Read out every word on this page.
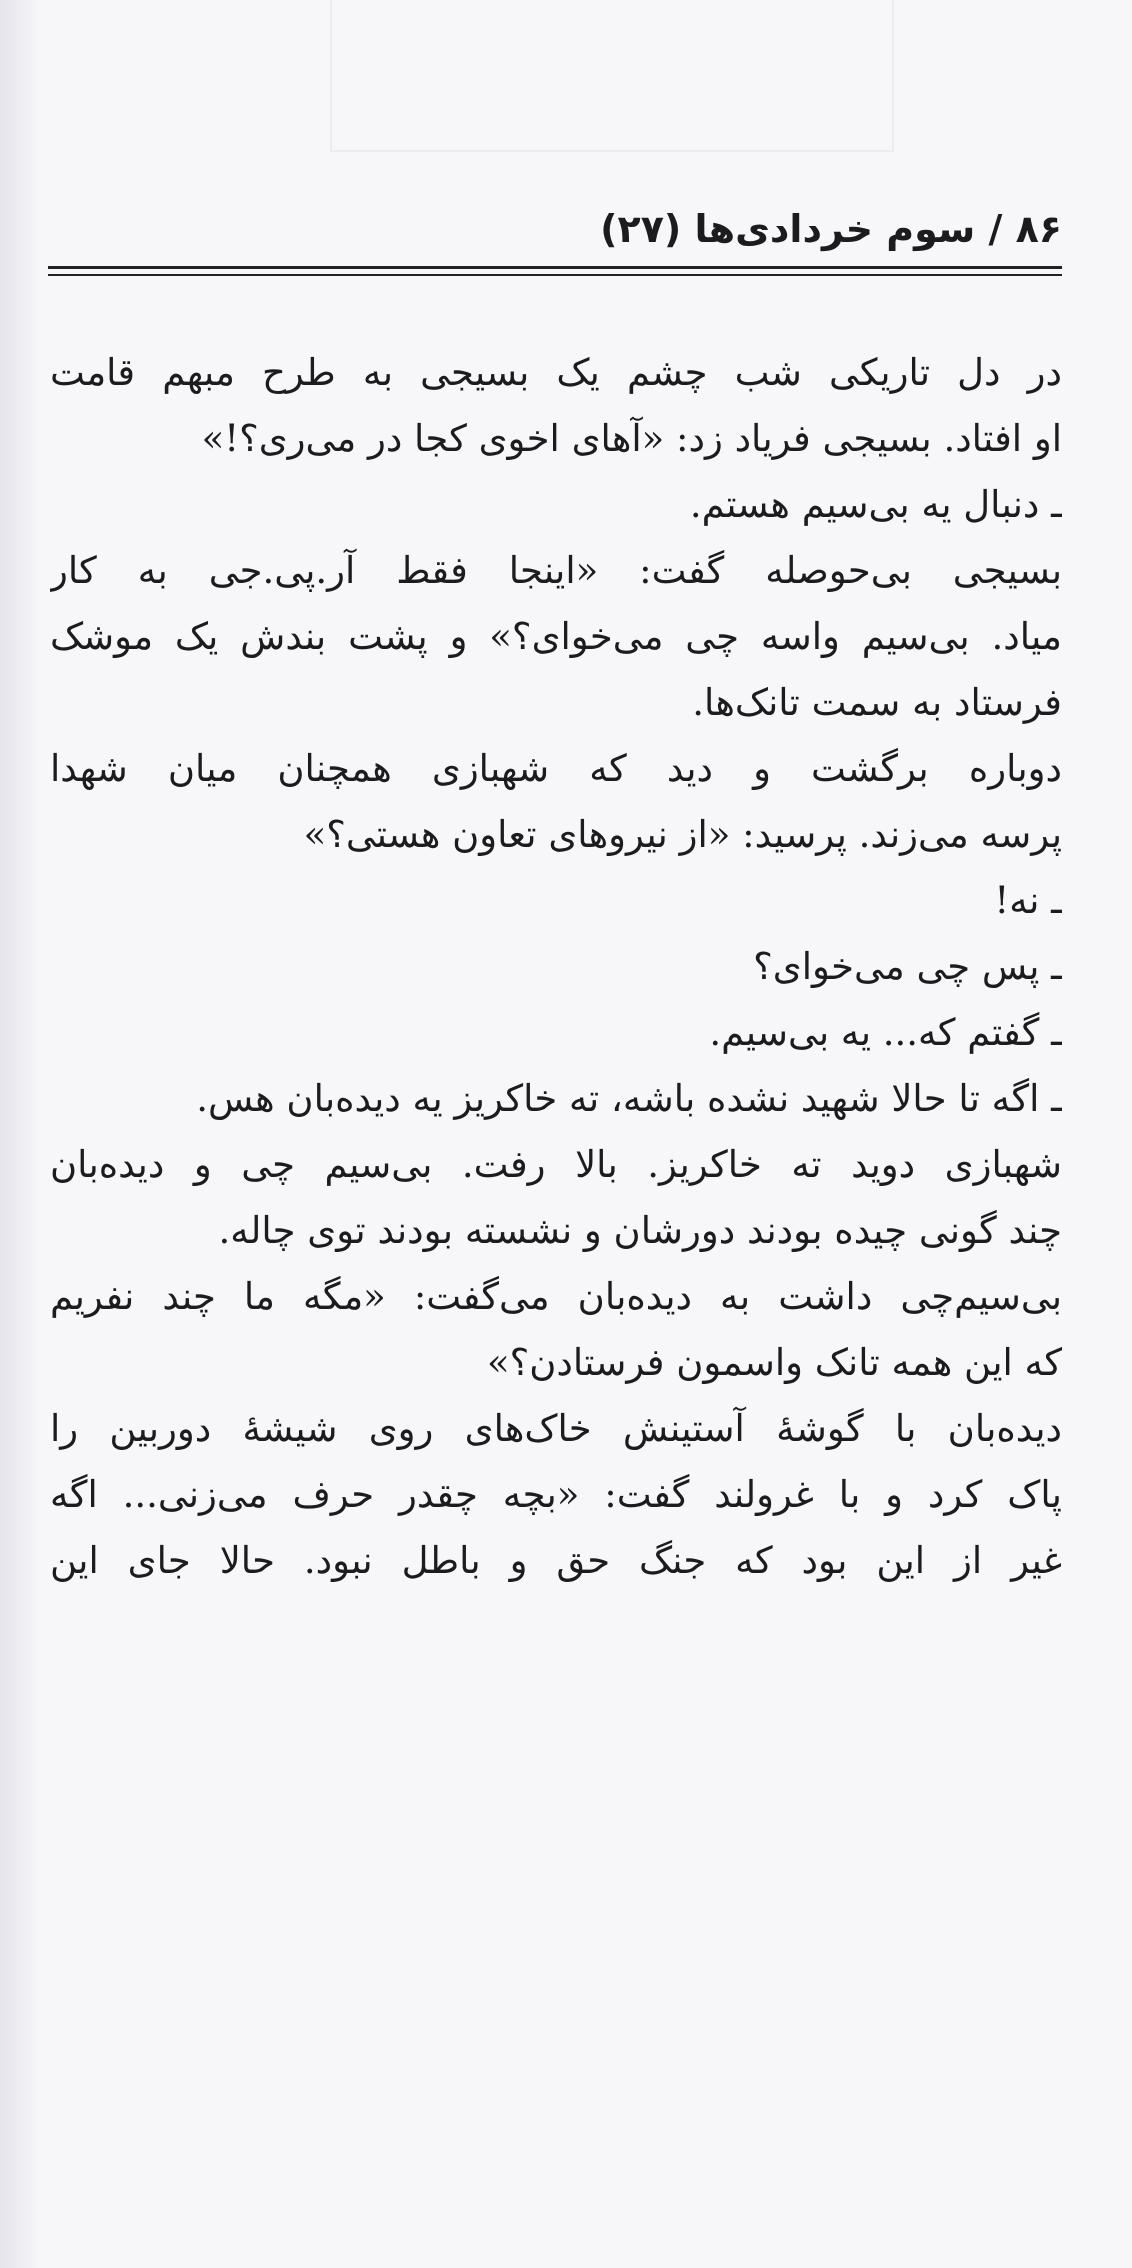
۸۶ / سوم خردادی‌ها (۲۷)
در دل تاریکی شب چشم یک بسیجی به طرح مبهم قامت
او افتاد. بسیجی فریاد زد: «آهای اخوی کجا در می‌ری؟!»
ـ دنبال یه بی‌سیم هستم.
بسیجی بی‌حوصله گفت: «اینجا فقط آر.پی.جی به کار
میاد. بی‌سیم واسه چی می‌خوای؟» و پشت بندش یک موشک
فرستاد به سمت تانک‌ها.
دوباره برگشت و دید که شهبازی همچنان میان شهدا
پرسه می‌زند. پرسید: «از نیروهای تعاون هستی؟»
ـ نه!
ـ پس چی می‌خوای؟
ـ گفتم که... یه بی‌سیم.
ـ اگه تا حالا شهید نشده باشه، ته خاکریز یه دیده‌بان هس.
شهبازی دوید ته خاکریز. بالا رفت. بی‌سیم چی و دیده‌بان
چند گونی چیده بودند دورشان و نشسته بودند توی چاله.
بی‌سیم‌چی داشت به دیده‌بان می‌گفت: «مگه ما چند نفریم
که این همه تانک واسمون فرستادن؟»
دیده‌بان با گوشهٔ آستینش خاک‌های روی شیشهٔ دوربین را
پاک کرد و با غرولند گفت: «بچه چقدر حرف می‌زنی... اگه
غیر از این بود که جنگ حق و باطل نبود. حالا جای این
